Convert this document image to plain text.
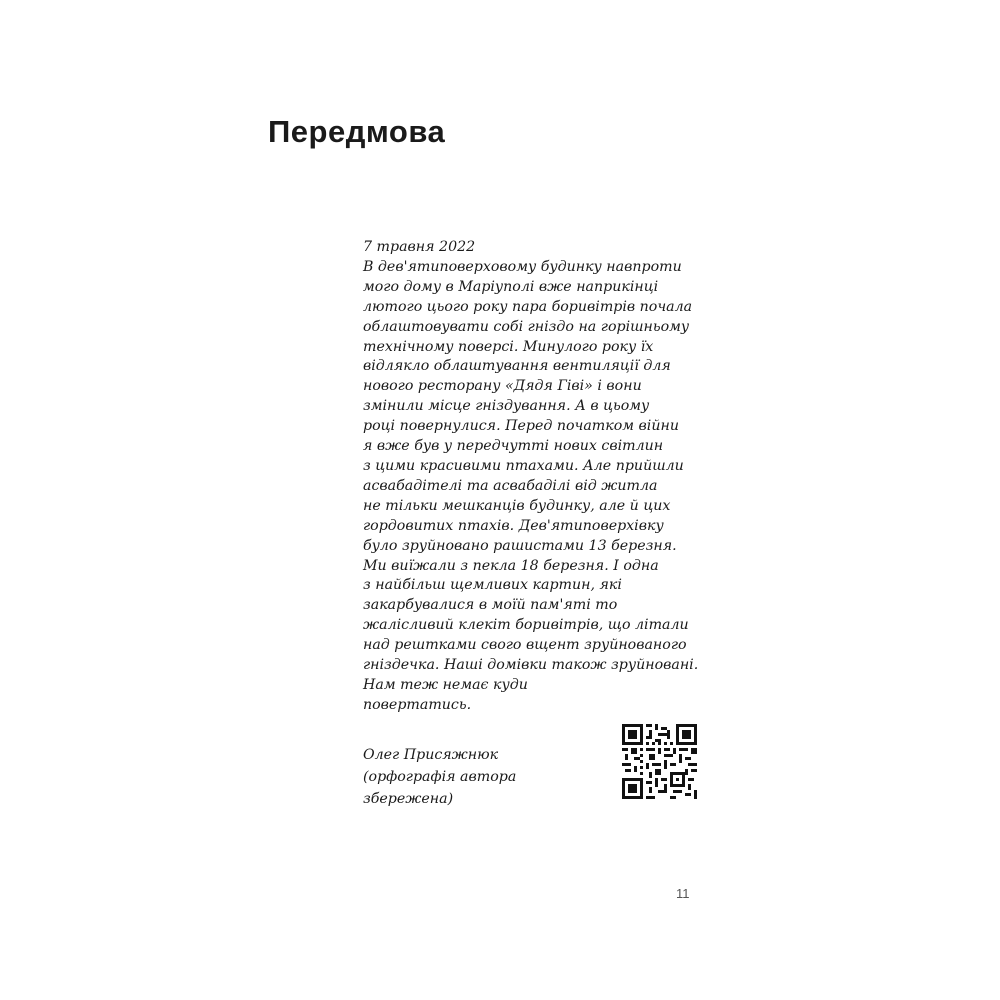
Передмова
7 травня 2022
В дев'ятиповерховому будинку навпроти
мого дому в Маріуполі вже наприкінці
лютого цього року пара боривітрів почала
облаштовувати собі гніздо на горішньому
технічному поверсі. Минулого року їх
відлякло облаштування вентиляції для
нового ресторану «Дядя Гіві» і вони
змінили місце гніздування. А в цьому
році повернулися. Перед початком війни
я вже був у передчутті нових світлин
з цими красивими птахами. Але прийшли
асвабадітелі та асвабаділі від житла
не тільки мешканців будинку, але й цих
гордовитих птахів. Дев'ятиповерхівку
було зруйновано рашистами 13 березня.
Ми виїжали з пекла 18 березня. І одна
з найбільш щемливих картин, які
закарбувалися в моїй пам'яті то
жалісливий клекіт боривітрів, що літали
над рештками свого вщент зруйнованого
гніздечка. Наші домівки також зруйновані.
Нам теж немає куди
повертатись.
Олег Присяжнюк
(орфографія автора
збережена)
11
